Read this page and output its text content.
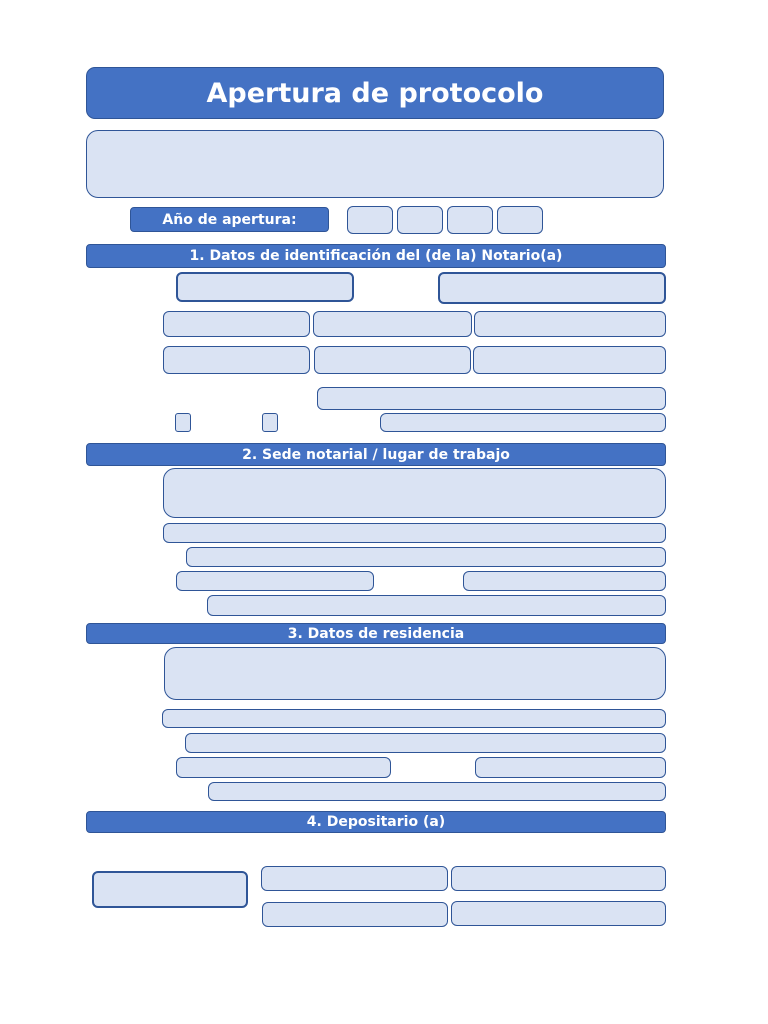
Apertura de protocolo
Año de apertura:
1. Datos de identificación del (de la) Notario(a)
2. Sede notarial / lugar de trabajo
3. Datos de residencia
4. Depositario (a)
